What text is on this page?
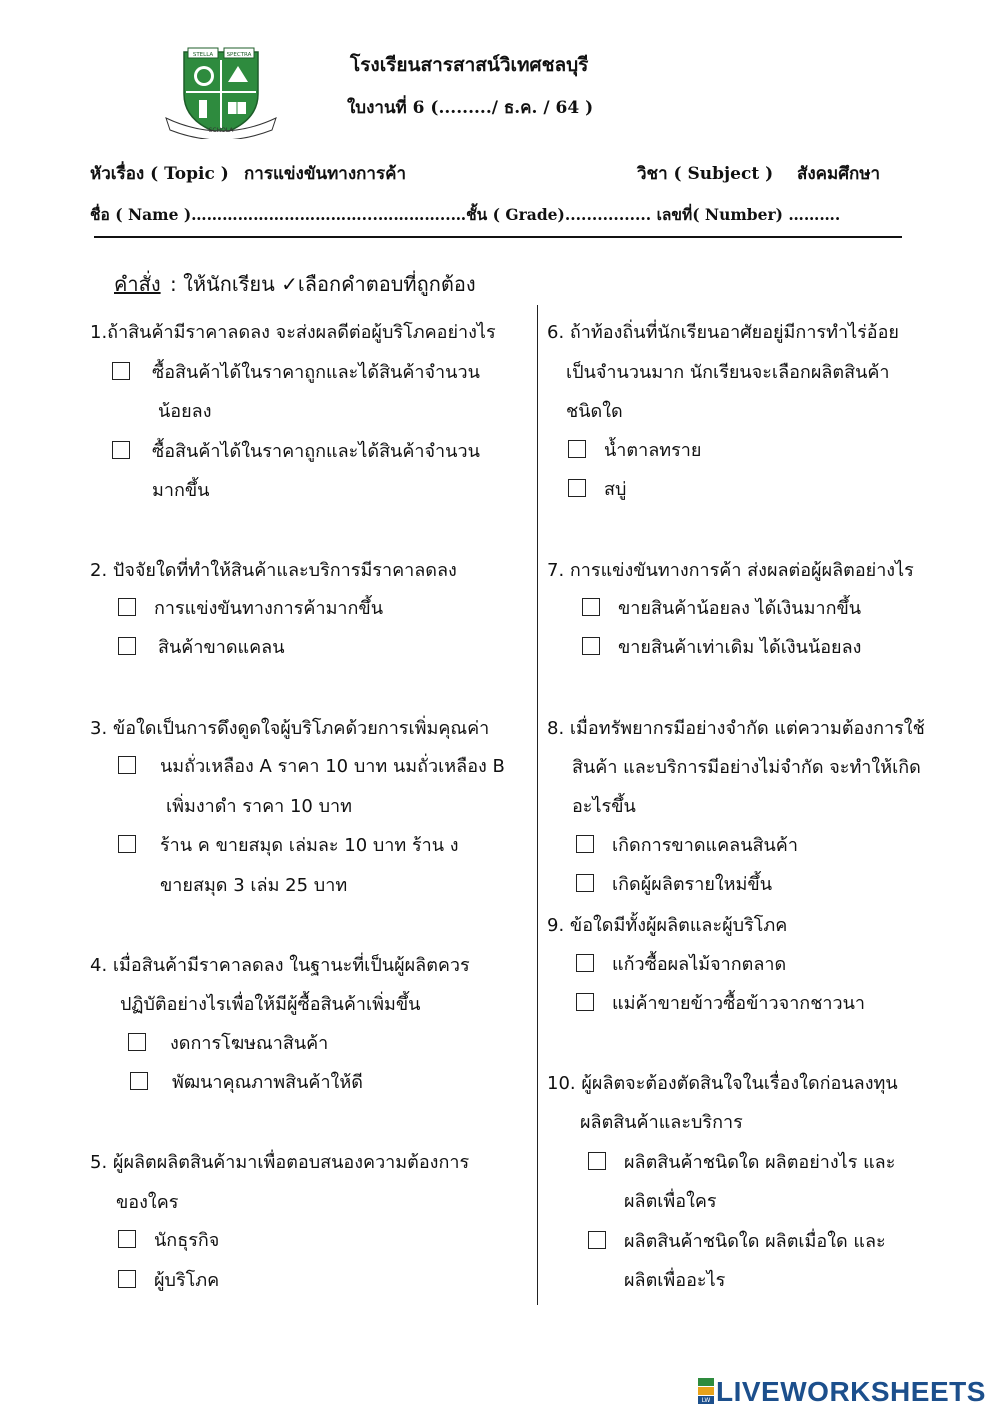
STELLA SPECTRA
SCHOLA
โรงเรียนสารสาสน์วิเทศชลบุรี
ใบงานที่ 6 (........./ ธ.ค. / 64 )
หัวเรื่อง ( Topic ) การแข่งขันทางการค้า	วิชา ( Subject ) สังคมศึกษา
ชื่อ ( Name )……………………………...…………..…ชั้น ( Grade)................ เลขที่( Number) ……….
คำสั่ง : ให้นักเรียน ✓เลือกคำตอบที่ถูกต้อง
1.ถ้าสินค้ามีราคาลดลง จะส่งผลดีต่อผู้บริโภคอย่างไร
ซื้อสินค้าได้ในราคาถูกและได้สินค้าจำนวน
น้อยลง
ซื้อสินค้าได้ในราคาถูกและได้สินค้าจำนวน
มากขึ้น
2. ปัจจัยใดที่ทำให้สินค้าและบริการมีราคาลดลง
การแข่งขันทางการค้ามากขึ้น
สินค้าขาดแคลน
3. ข้อใดเป็นการดึงดูดใจผู้บริโภคด้วยการเพิ่มคุณค่า
นมถั่วเหลือง A ราคา 10 บาท นมถั่วเหลือง B
เพิ่มงาดำ ราคา 10 บาท
ร้าน ค ขายสมุด เล่มละ 10 บาท ร้าน ง
ขายสมุด 3 เล่ม 25 บาท
4. เมื่อสินค้ามีราคาลดลง ในฐานะที่เป็นผู้ผลิตควร
ปฏิบัติอย่างไรเพื่อให้มีผู้ซื้อสินค้าเพิ่มขึ้น
งดการโฆษณาสินค้า
พัฒนาคุณภาพสินค้าให้ดี
5. ผู้ผลิตผลิตสินค้ามาเพื่อตอบสนองความต้องการ
ของใคร
นักธุรกิจ
ผู้บริโภค
6. ถ้าท้องถิ่นที่นักเรียนอาศัยอยู่มีการทำไร่อ้อย
เป็นจำนวนมาก นักเรียนจะเลือกผลิตสินค้า
ชนิดใด
น้ำตาลทราย
สบู่
7. การแข่งขันทางการค้า ส่งผลต่อผู้ผลิตอย่างไร
ขายสินค้าน้อยลง ได้เงินมากขึ้น
ขายสินค้าเท่าเดิม ได้เงินน้อยลง
8. เมื่อทรัพยากรมีอย่างจำกัด แต่ความต้องการใช้
สินค้า และบริการมีอย่างไม่จำกัด จะทำให้เกิด
อะไรขึ้น
เกิดการขาดแคลนสินค้า
เกิดผู้ผลิตรายใหม่ขึ้น
9. ข้อใดมีทั้งผู้ผลิตและผู้บริโภค
แก้วซื้อผลไม้จากตลาด
แม่ค้าขายข้าวซื้อข้าวจากชาวนา
10. ผู้ผลิตจะต้องตัดสินใจในเรื่องใดก่อนลงทุน
ผลิตสินค้าและบริการ
ผลิตสินค้าชนิดใด ผลิตอย่างไร และ
ผลิตเพื่อใคร
ผลิตสินค้าชนิดใด ผลิตเมื่อใด และ
ผลิตเพื่ออะไร
LW LIVEWORKSHEETS
